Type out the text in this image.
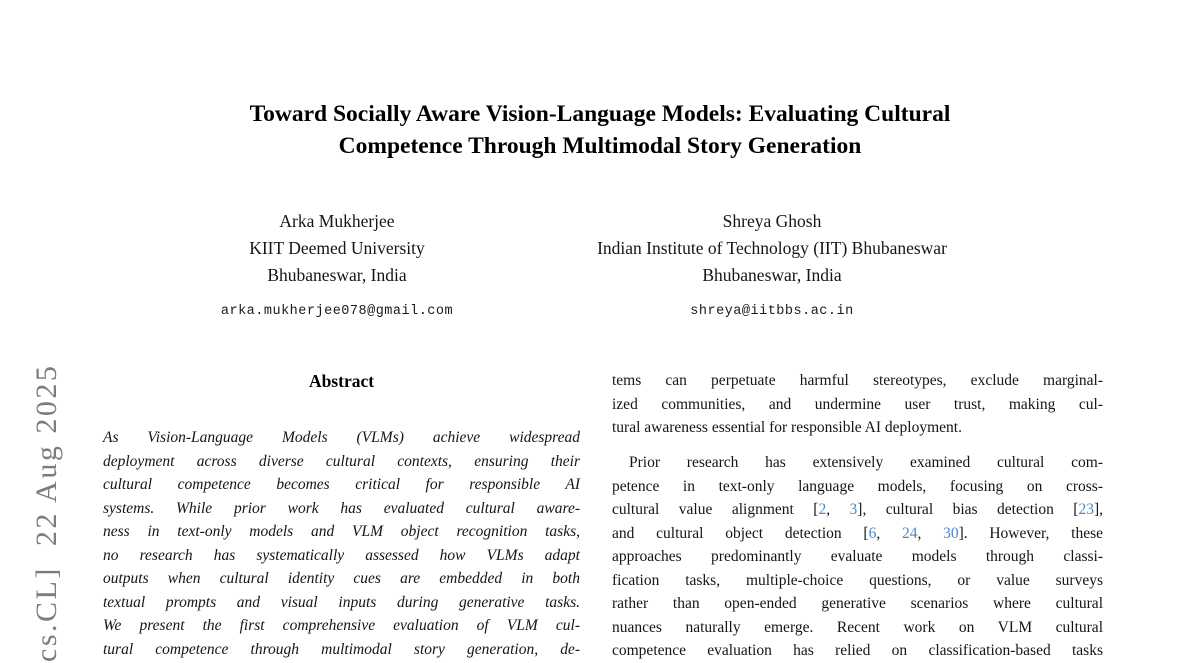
cs.CL]  22 Aug 2025
Toward Socially Aware Vision-Language Models: Evaluating Cultural
Competence Through Multimodal Story Generation
Arka Mukherjee
KIIT Deemed University
Bhubaneswar, India
arka.mukherjee078@gmail.com
Shreya Ghosh
Indian Institute of Technology (IIT) Bhubaneswar
Bhubaneswar, India
shreya@iitbbs.ac.in
Abstract
As Vision-Language Models (VLMs) achieve widespread
deployment across diverse cultural contexts, ensuring their
cultural competence becomes critical for responsible AI
systems. While prior work has evaluated cultural aware-
ness in text-only models and VLM object recognition tasks,
no research has systematically assessed how VLMs adapt
outputs when cultural identity cues are embedded in both
textual prompts and visual inputs during generative tasks.
We present the first comprehensive evaluation of VLM cul-
tural competence through multimodal story generation, de-
tems can perpetuate harmful stereotypes, exclude marginal-
ized communities, and undermine user trust, making cul-
tural awareness essential for responsible AI deployment.
Prior research has extensively examined cultural com-
petence in text-only language models, focusing on cross-
cultural value alignment [2, 3], cultural bias detection [23],
and cultural object detection [6, 24, 30]. However, these
approaches predominantly evaluate models through classi-
fication tasks, multiple-choice questions, or value surveys
rather than open-ended generative scenarios where cultural
nuances naturally emerge. Recent work on VLM cultural
competence evaluation has relied on classification-based tasks
